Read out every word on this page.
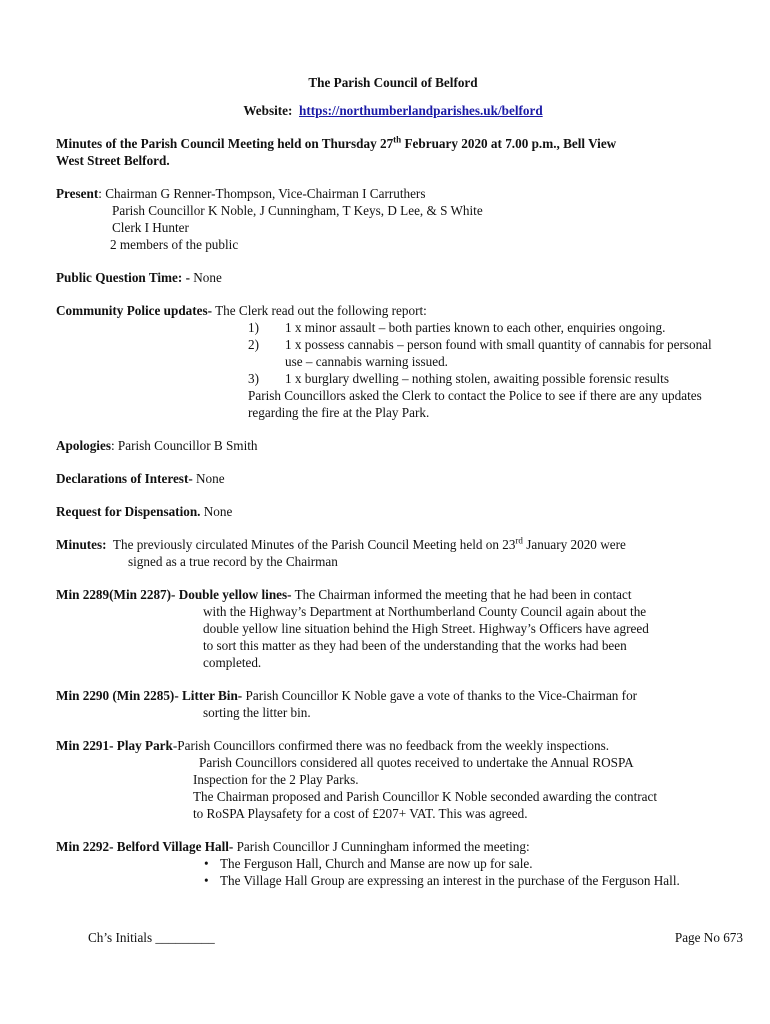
The Parish Council of Belford
Website: https://northumberlandparishes.uk/belford
Minutes of the Parish Council Meeting held on Thursday 27th February 2020 at 7.00 p.m., Bell View
West Street Belford.
Present: Chairman G Renner-Thompson, Vice-Chairman I Carruthers
Parish Councillor K Noble, J Cunningham, T Keys, D Lee, & S White
Clerk I Hunter
2 members of the public
Public Question Time: - None
Community Police updates- The Clerk read out the following report:
1)	1 x minor assault – both parties known to each other, enquiries ongoing.
2)	1 x possess cannabis – person found with small quantity of cannabis for personal use – cannabis warning issued.
3)	1 x burglary dwelling – nothing stolen, awaiting possible forensic results
Parish Councillors asked the Clerk to contact the Police to see if there are any updates regarding the fire at the Play Park.
Apologies: Parish Councillor B Smith
Declarations of Interest- None
Request for Dispensation. None
Minutes:  The previously circulated Minutes of the Parish Council Meeting held on 23rd January 2020 were
signed as a true record by the Chairman
Min 2289(Min 2287)- Double yellow lines- The Chairman informed the meeting that he had been in contact
with the Highway’s Department at Northumberland County Council again about the
double yellow line situation behind the High Street. Highway’s Officers have agreed
to sort this matter as they had been of the understanding that the works had been
completed.
Min 2290 (Min 2285)- Litter Bin- Parish Councillor K Noble gave a vote of thanks to the Vice-Chairman for
sorting the litter bin.
Min 2291- Play Park-Parish Councillors confirmed there was no feedback from the weekly inspections.
Parish Councillors considered all quotes received to undertake the Annual ROSPA
Inspection for the 2 Play Parks.
The Chairman proposed and Parish Councillor K Noble seconded awarding the contract
to RoSPA Playsafety for a cost of £207+ VAT. This was agreed.
Min 2292- Belford Village Hall- Parish Councillor J Cunningham informed the meeting:
• The Ferguson Hall, Church and Manse are now up for sale.
• The Village Hall Group are expressing an interest in the purchase of the Ferguson Hall.
Ch’s Initials _________	Page No 673
